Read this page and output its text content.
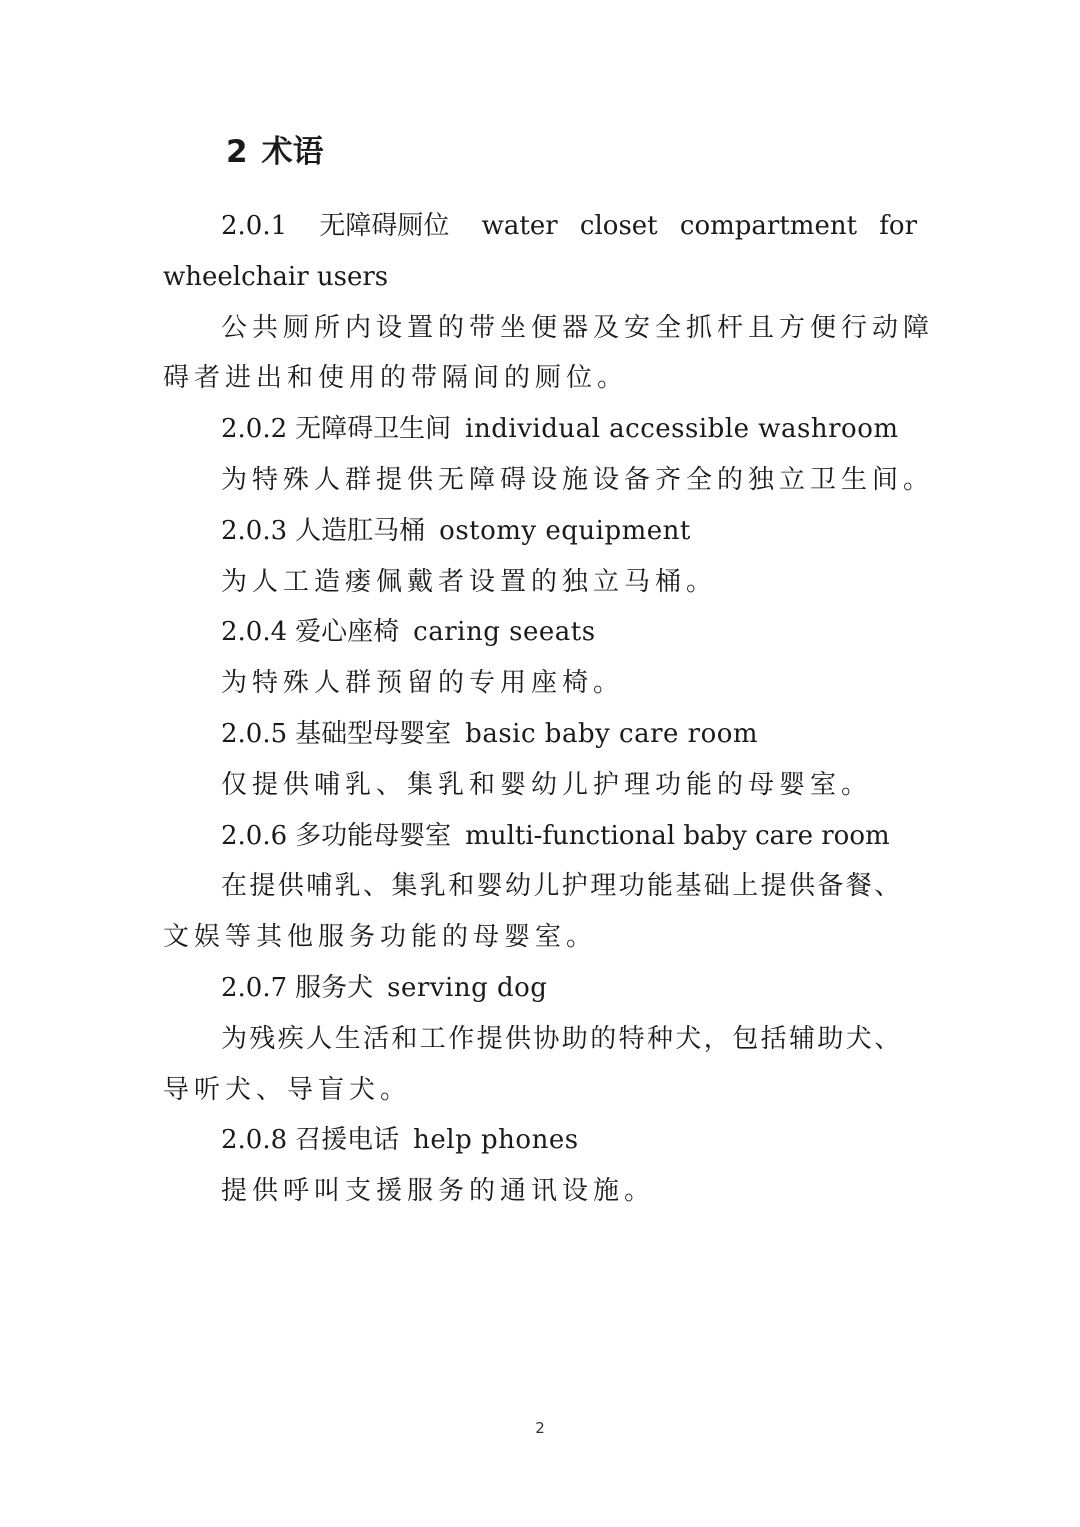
2 术语
2.0.1 无障碍厕位 water closet compartment for
wheelchair users
公共厕所内设置的带坐便器及安全抓杆且方便行动障
碍者进出和使用的带隔间的厕位。
2.0.2 无障碍卫生间 individual accessible washroom
为特殊人群提供无障碍设施设备齐全的独立卫生间。
2.0.3 人造肛马桶 ostomy equipment
为人工造瘘佩戴者设置的独立马桶。
2.0.4 爱心座椅 caring seeats
为特殊人群预留的专用座椅。
2.0.5 基础型母婴室 basic baby care room
仅提供哺乳、集乳和婴幼儿护理功能的母婴室。
2.0.6 多功能母婴室 multi-functional baby care room
在提供哺乳、集乳和婴幼儿护理功能基础上提供备餐、
文娱等其他服务功能的母婴室。
2.0.7 服务犬 serving dog
为残疾人生活和工作提供协助的特种犬，包括辅助犬、
导听犬、导盲犬。
2.0.8 召援电话 help phones
提供呼叫支援服务的通讯设施。
2
